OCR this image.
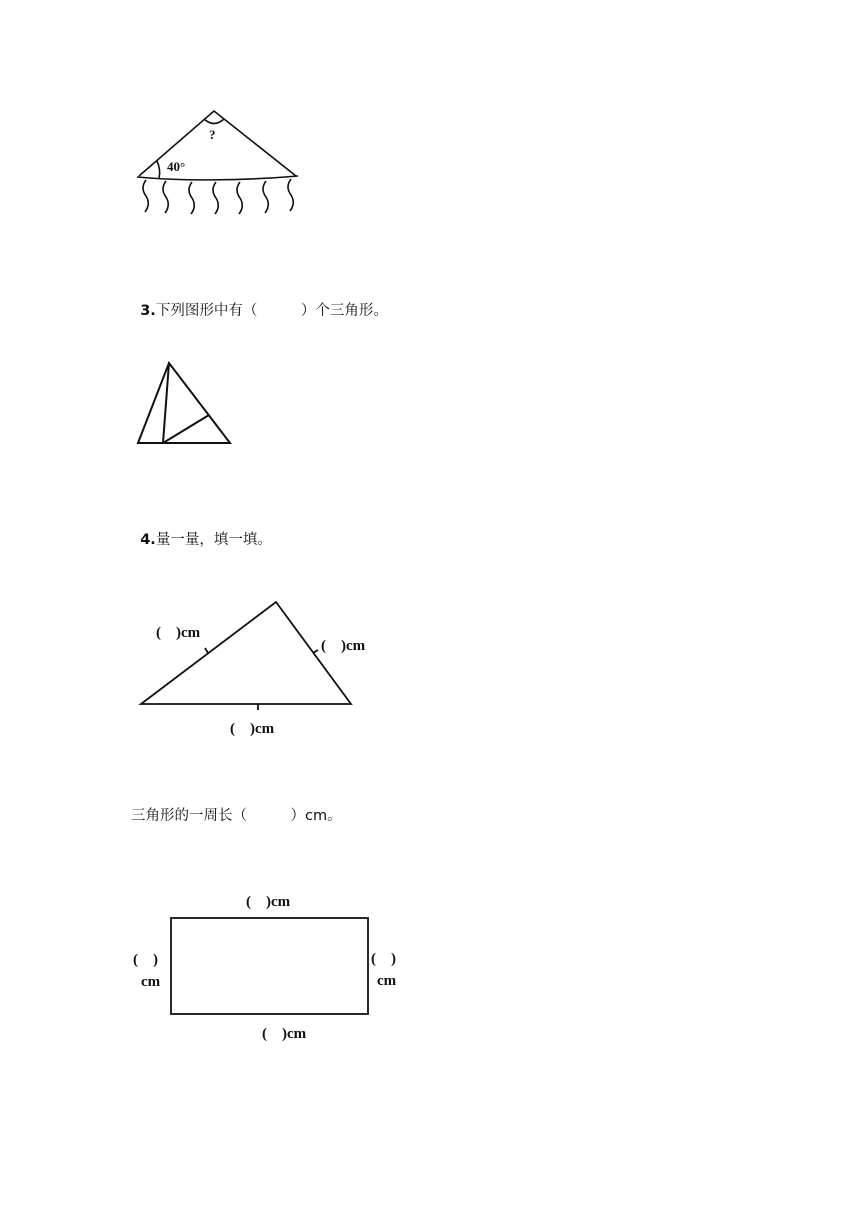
40°
?
(    )cm
(    )cm
(    )cm
(    )cm
(    )cm
(    )
cm
(    )
cm

3.下列图形中有（　　　）个三角形。

4.量一量，填一填。

三角形的一周长（　　　）cm。
